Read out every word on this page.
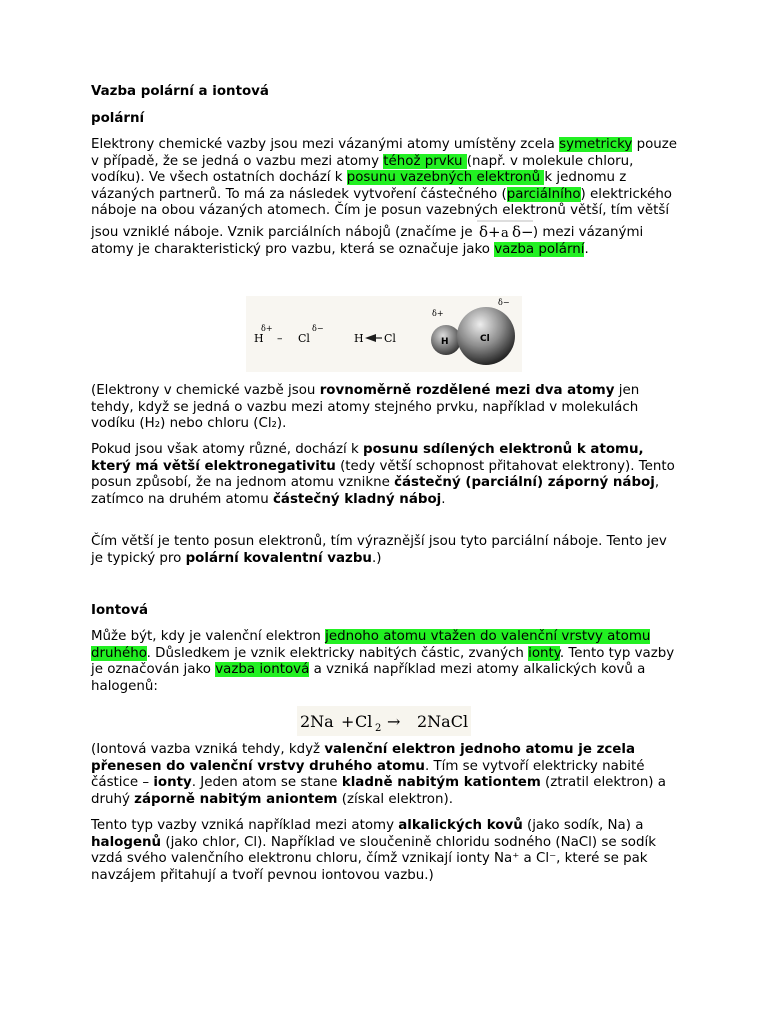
Vazba polární a iontová

polární

Elektrony chemické vazby jsou mezi vázanými atomy umístěny zcela symetricky pouze v případě, že se jedná o vazbu mezi atomy téhož prvku (např. v molekule chloru, vodíku). Ve všech ostatních dochází k posunu vazebných elektronů k jednomu z vázaných partnerů. To má za následek vytvoření částečného (parciálního) elektrického náboje na obou vázaných atomech. Čím je posun vazebných elektronů větší, tím větší jsou vzniklé náboje. Vznik parciálních nábojů (značíme je δ+ a δ− ) mezi vázanými atomy je charakteristický pro vazbu, která se označuje jako vazba polární.

H
δ+
– Cl
δ−
H Cl	H	Cl
δ+
δ−

(Elektrony v chemické vazbě jsou rovnoměrně rozdělené mezi dva atomy jen tehdy, když se jedná o vazbu mezi atomy stejného prvku, například v molekulách vodíku (H₂) nebo chloru (Cl₂).

Pokud jsou však atomy různé, dochází k posunu sdílených elektronů k atomu, který má větší elektronegativitu (tedy větší schopnost přitahovat elektrony). Tento posun způsobí, že na jednom atomu vznikne částečný (parciální) záporný náboj, zatímco na druhém atomu částečný kladný náboj.

Čím větší je tento posun elektronů, tím výraznější jsou tyto parciální náboje. Tento jev je typický pro polární kovalentní vazbu.)

Iontová

Může být, kdy je valenční elektron jednoho atomu vtažen do valenční vrstvy atomu druhého. Důsledkem je vznik elektricky nabitých částic, zvaných ionty. Tento typ vazby je označován jako vazba iontová a vzniká například mezi atomy alkalických kovů a halogenů:

2Na + Cl 2 → 2NaCl

(Iontová vazba vzniká tehdy, když valenční elektron jednoho atomu je zcela přenesen do valenční vrstvy druhého atomu. Tím se vytvoří elektricky nabité částice – ionty. Jeden atom se stane kladně nabitým kationtem (ztratil elektron) a druhý záporně nabitým aniontem (získal elektron).

Tento typ vazby vzniká například mezi atomy alkalických kovů (jako sodík, Na) a halogenů (jako chlor, Cl). Například ve sloučenině chloridu sodného (NaCl) se sodík vzdá svého valenčního elektronu chloru, čímž vznikají ionty Na⁺ a Cl⁻, které se pak navzájem přitahují a tvoří pevnou iontovou vazbu.)
